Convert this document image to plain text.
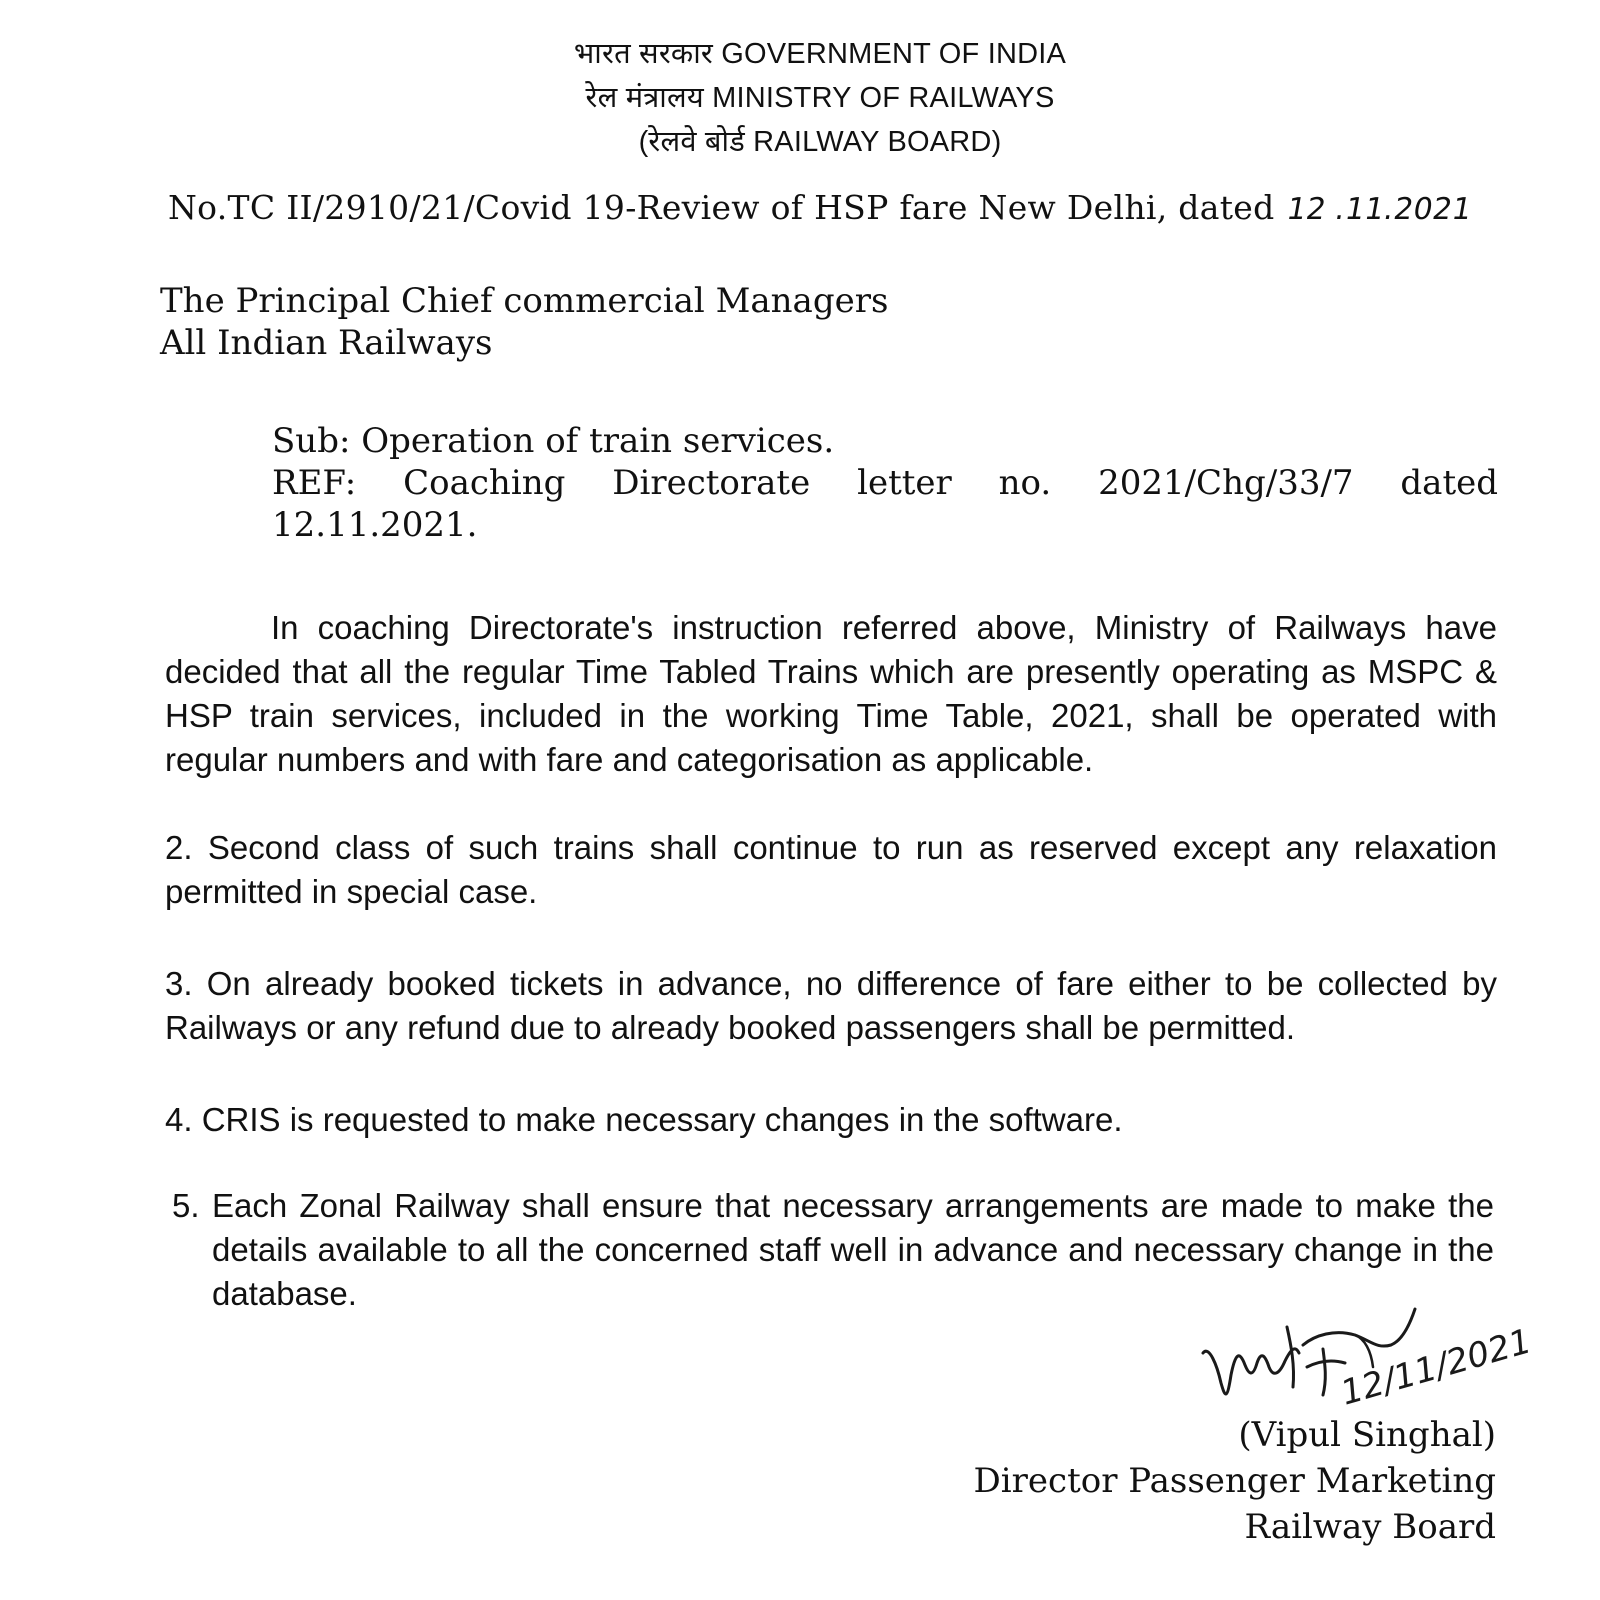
भारत सरकार GOVERNMENT OF INDIA
रेल मंत्रालय MINISTRY OF RAILWAYS
(रेलवे बोर्ड RAILWAY BOARD)
No.TC II/2910/21/Covid 19-Review of HSP fare New Delhi, dated 12 .11.2021
The Principal Chief commercial Managers
All Indian Railways
Sub: Operation of train services.
REF: Coaching Directorate letter no. 2021/Chg/33/7 dated
12.11.2021.
In coaching Directorate's instruction referred above, Ministry of Railways have decided that all the regular Time Tabled Trains which are presently operating as MSPC & HSP train services, included in the working Time Table, 2021, shall be operated with regular numbers and with fare and categorisation as applicable.
2. Second class of such trains shall continue to run as reserved except any relaxation permitted in special case.
3. On already booked tickets in advance, no difference of fare either to be collected by Railways or any refund due to already booked passengers shall be permitted.
4. CRIS is requested to make necessary changes in the software.
5. Each Zonal Railway shall ensure that necessary arrangements are made to make the details available to all the concerned staff well in advance and necessary change in the database.
12/11/2021
(Vipul Singhal)
Director Passenger Marketing
Railway Board
